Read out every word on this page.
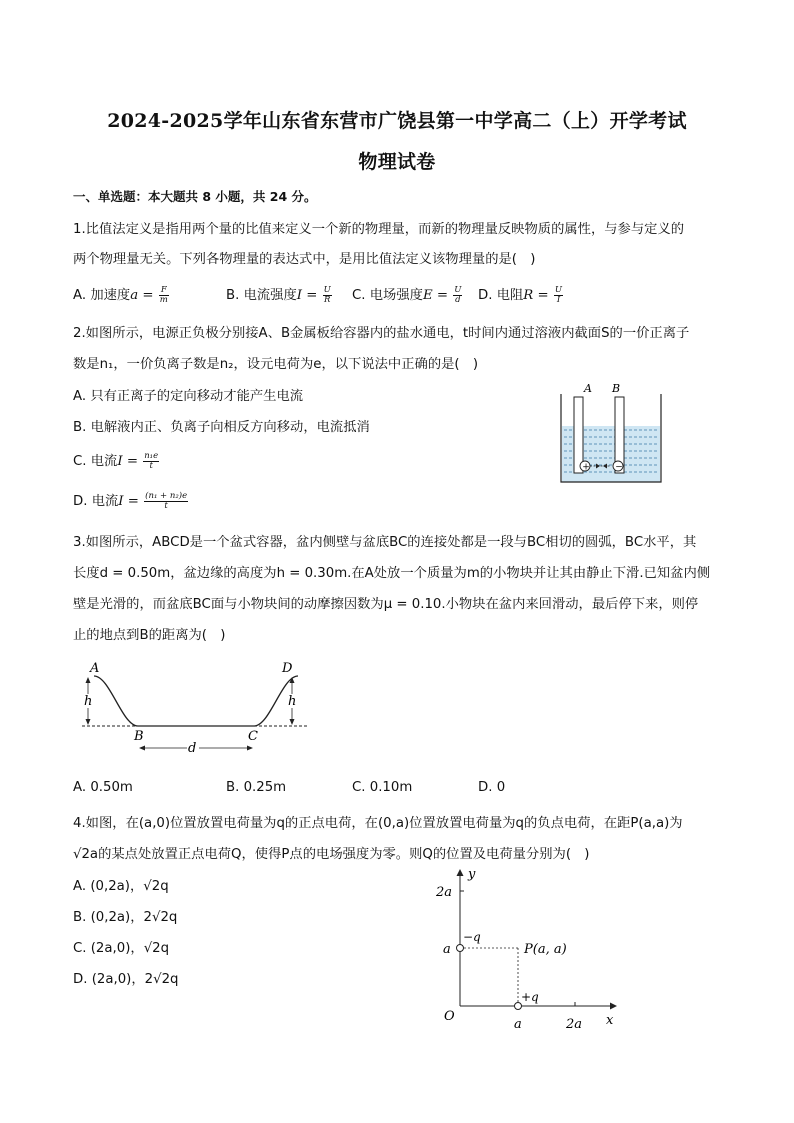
2024-2025学年山东省东营市广饶县第一中学高二（上）开学考试
物理试卷
一、单选题：本大题共 8 小题，共 24 分。
1.比值法定义是指用两个量的比值来定义一个新的物理量，而新的物理量反映物质的属性，与参与定义的
两个物理量无关。下列各物理量的表达式中，是用比值法定义该物理量的是(　)
A. 加速度$a = \frac{F}{m}$	B. 电流强度$I = \frac{U}{R} C$. 电场强度$E = \frac{U}{d} D$. 电阻$R = \frac{U}{I}$
2.如图所示，电源正负极分别接A、B金属板给容器内的盐水通电，t时间内通过溶液内截面S的一价正离子
数是n₁，一价负离子数是n₂，设元电荷为e，以下说法中正确的是(　)
A. 只有正离子的定向移动才能产生电流
B. 电解液内正、负离子向相反方向移动，电流抵消
C. 电流$I = \frac{\text{n₁e}}{t}$
D. 电流$I = \frac{\text{(n₁ + n₂)e}}{t}$
A B
+	−
3.如图所示，ABCD是一个盆式容器，盆内侧壁与盆底BC的连接处都是一段与BC相切的圆弧，BC水平，其
长度d = 0.50m，盆边缘的高度为h = 0.30m.在A处放一个质量为m的小物块并让其由静止下滑.已知盆内侧
壁是光滑的，而盆底BC面与小物块间的动摩擦因数为μ = 0.10.小物块在盆内来回滑动，最后停下来，则停
止的地点到B的距离为(　)
h	h
d
A	D
B	C
A. 0.50m	B. 0.25m	C. 0.10m	D. 0
4.如图，在(a,0)位置放置电荷量为q的正点电荷，在(0,a)位置放置电荷量为q的负点电荷，在距P(a,a)为
√2a的某点处放置正点电荷Q，使得P点的电场强度为零。则Q的位置及电荷量分别为(　)
A. (0,2a)，√2q
B. (0,2a)，2√2q
C. (2a,0)，√2q
D. (2a,0)，2√2q
y
x
O
2a
a
a	2a
−q
+q
P(a, a)
